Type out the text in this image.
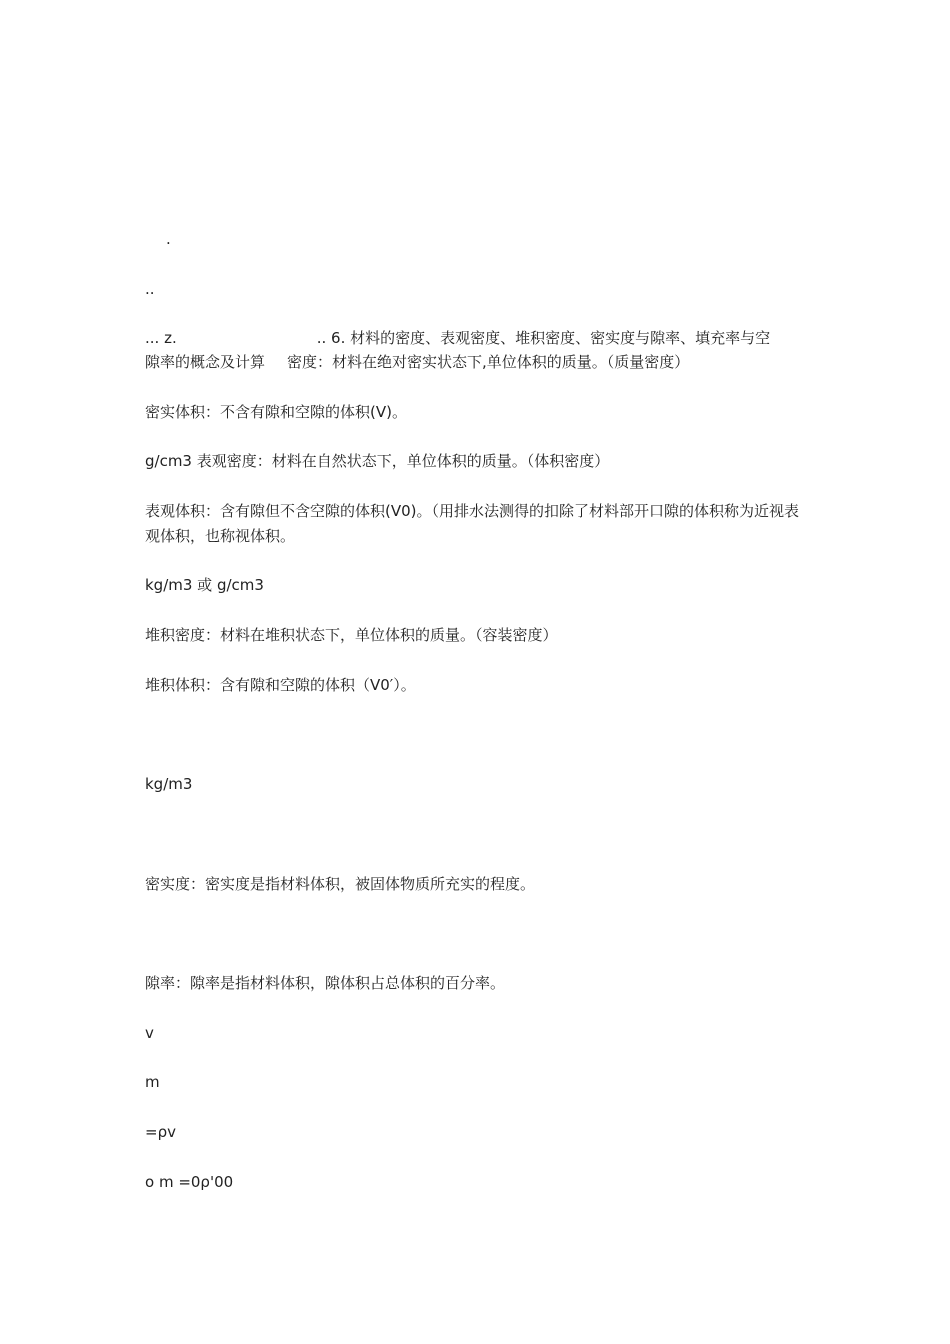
.
..
... z.	.. 6. 材料的密度、表观密度、堆积密度、密实度与隙率、填充率与空
隙率的概念及计算 密度：材料在绝对密实状态下,单位体积的质量。（质量密度）
密实体积：不含有隙和空隙的体积(V)。
g/cm3 表观密度：材料在自然状态下，单位体积的质量。（体积密度）
表观体积：含有隙但不含空隙的体积(V0)。（用排水法测得的扣除了材料部开口隙的体积称为近视表观体积，也称视体积。
kg/m3 或 g/cm3
堆积密度：材料在堆积状态下，单位体积的质量。（容装密度）
堆积体积：含有隙和空隙的体积（V0′）。
kg/m3
密实度：密实度是指材料体积，被固体物质所充实的程度。
隙率：隙率是指材料体积，隙体积占总体积的百分率。
v
m
=ρv
o m =0ρ'00
